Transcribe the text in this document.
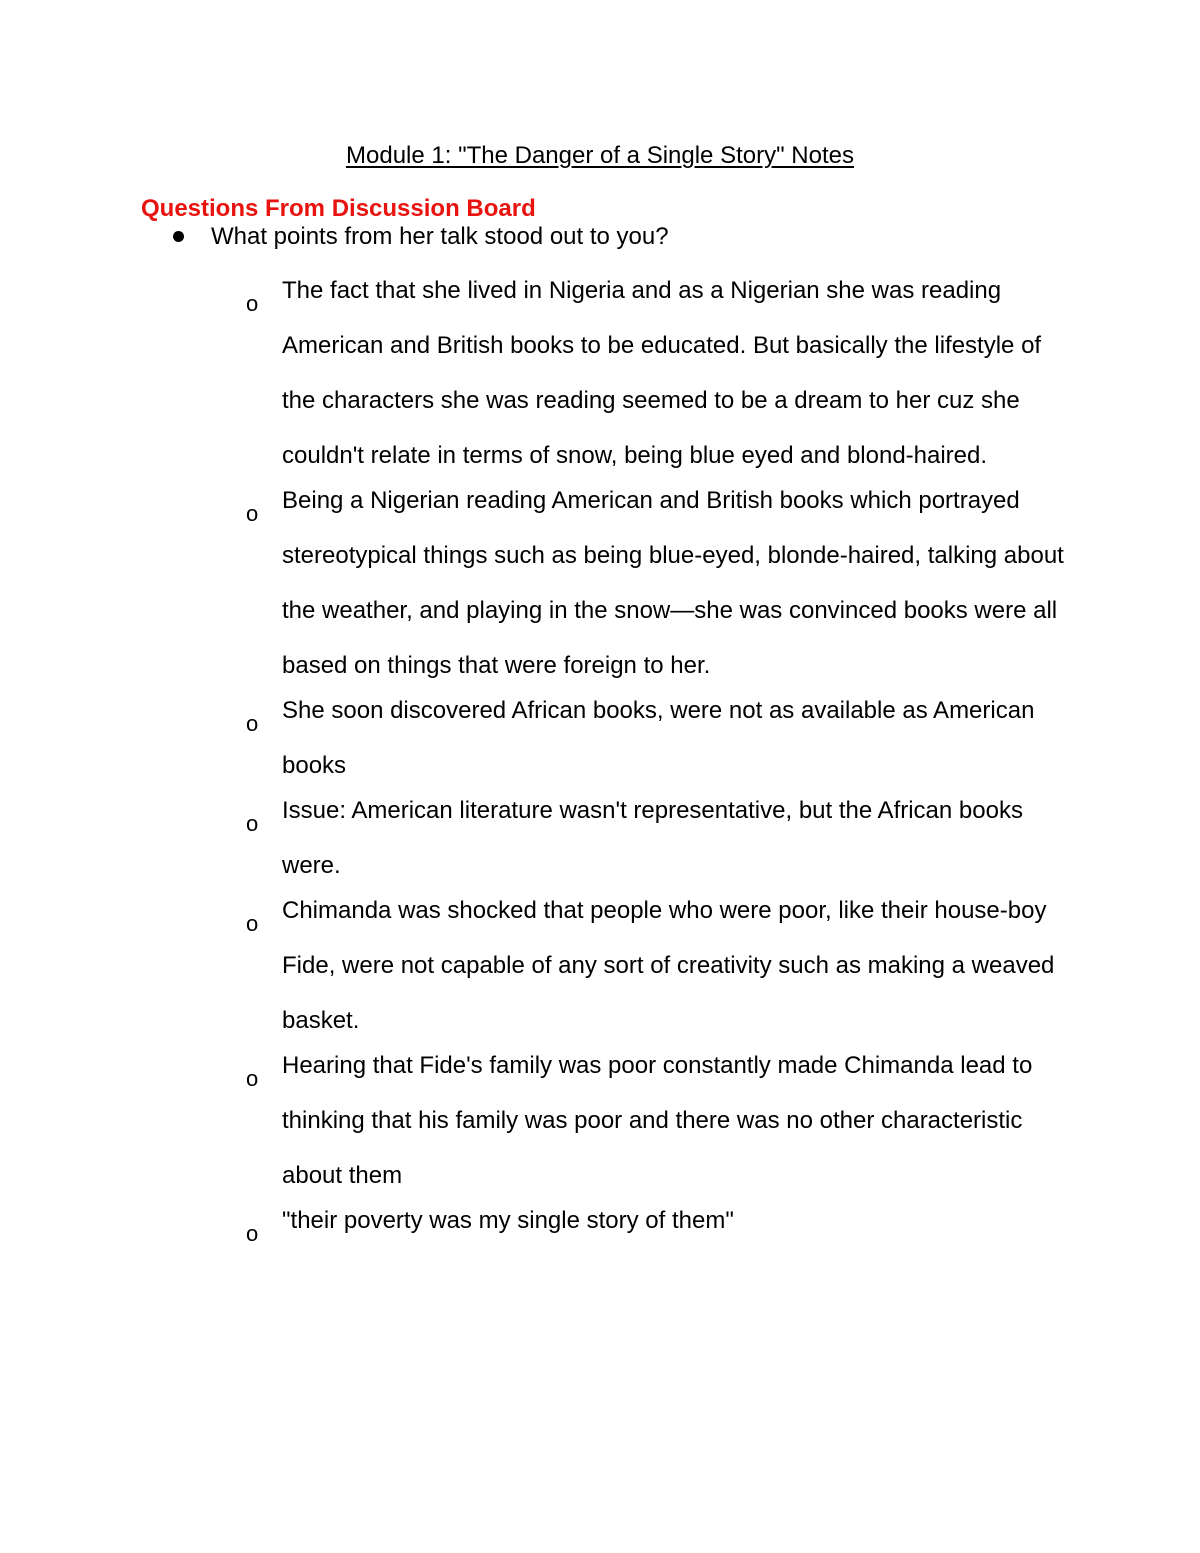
Module 1: "The Danger of a Single Story" Notes
Questions From Discussion Board
What points from her talk stood out to you?
o The fact that she lived in Nigeria and as a Nigerian she was reading American and British books to be educated. But basically the lifestyle of the characters she was reading seemed to be a dream to her cuz she couldn't relate in terms of snow, being blue eyed and blond-haired.
o Being a Nigerian reading American and British books which portrayed stereotypical things such as being blue-eyed, blonde-haired, talking about the weather, and playing in the snow—she was convinced books were all based on things that were foreign to her.
o She soon discovered African books, were not as available as American books
o Issue: American literature wasn't representative, but the African books were.
o Chimanda was shocked that people who were poor, like their house-boy Fide, were not capable of any sort of creativity such as making a weaved basket.
o Hearing that Fide's family was poor constantly made Chimanda lead to thinking that his family was poor and there was no other characteristic about them
o "their poverty was my single story of them"
